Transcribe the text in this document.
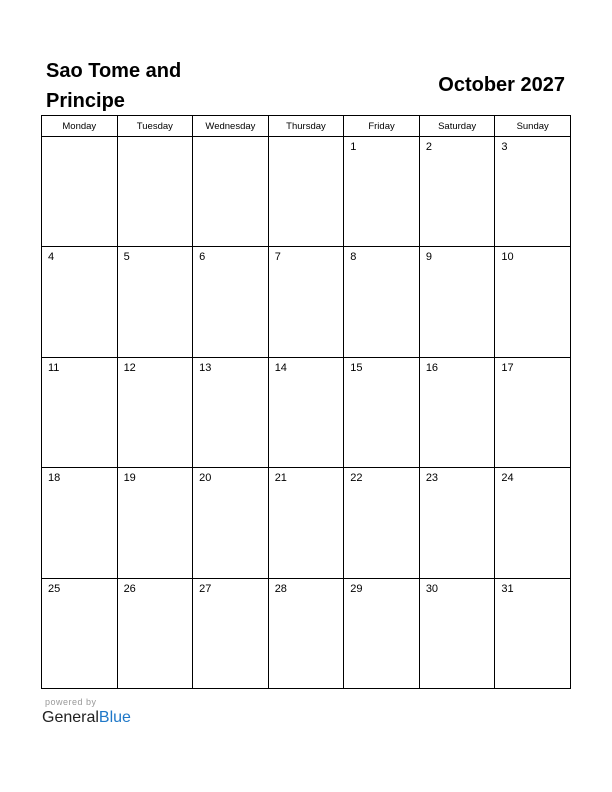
Sao Tome and Principe
October 2027
Monday	Tuesday	Wednesday	Thursday	Friday	Saturday	Sunday

				1	2	3

4	5	6	7	8	9	10

11	12	13	14	15	16	17

18	19	20	21	22	23	24

25	26	27	28	29	30	31
powered by
GeneralBlue
